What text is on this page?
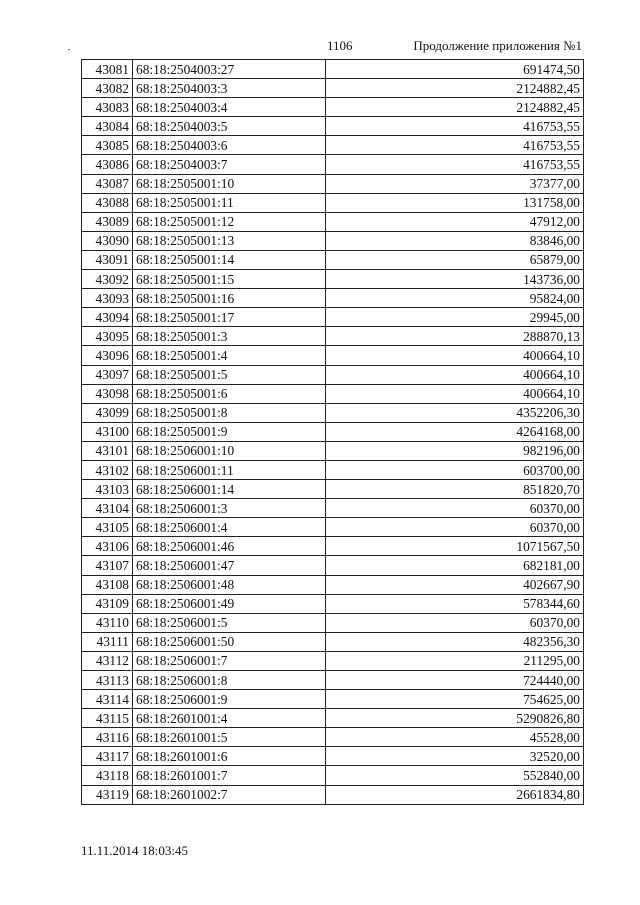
1106	Продолжение приложения №1
43081	68:18:2504003:27	691474,50
43082	68:18:2504003:3	2124882,45
43083	68:18:2504003:4	2124882,45
43084	68:18:2504003:5	416753,55
43085	68:18:2504003:6	416753,55
43086	68:18:2504003:7	416753,55
43087	68:18:2505001:10	37377,00
43088	68:18:2505001:11	131758,00
43089	68:18:2505001:12	47912,00
43090	68:18:2505001:13	83846,00
43091	68:18:2505001:14	65879,00
43092	68:18:2505001:15	143736,00
43093	68:18:2505001:16	95824,00
43094	68:18:2505001:17	29945,00
43095	68:18:2505001:3	288870,13
43096	68:18:2505001:4	400664,10
43097	68:18:2505001:5	400664,10
43098	68:18:2505001:6	400664,10
43099	68:18:2505001:8	4352206,30
43100	68:18:2505001:9	4264168,00
43101	68:18:2506001:10	982196,00
43102	68:18:2506001:11	603700,00
43103	68:18:2506001:14	851820,70
43104	68:18:2506001:3	60370,00
43105	68:18:2506001:4	60370,00
43106	68:18:2506001:46	1071567,50
43107	68:18:2506001:47	682181,00
43108	68:18:2506001:48	402667,90
43109	68:18:2506001:49	578344,60
43110	68:18:2506001:5	60370,00
43111	68:18:2506001:50	482356,30
43112	68:18:2506001:7	211295,00
43113	68:18:2506001:8	724440,00
43114	68:18:2506001:9	754625,00
43115	68:18:2601001:4	5290826,80
43116	68:18:2601001:5	45528,00
43117	68:18:2601001:6	32520,00
43118	68:18:2601001:7	552840,00
43119	68:18:2601002:7	2661834,80
11.11.2014 18:03:45
